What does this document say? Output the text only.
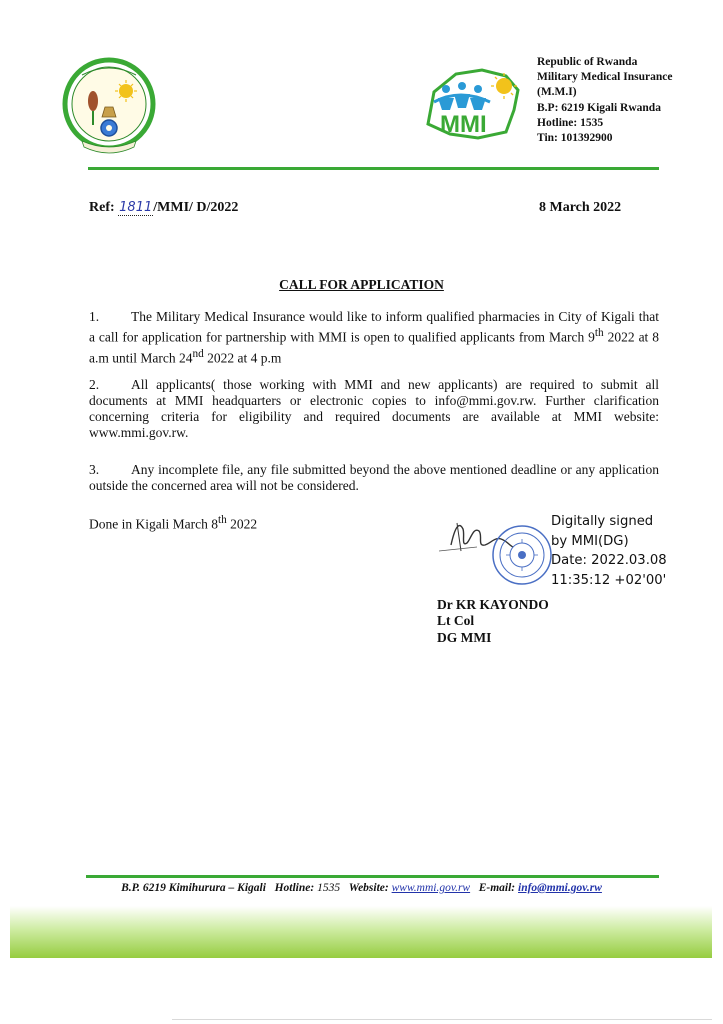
MMI
Republic of Rwanda
Military Medical Insurance
(M.M.I)
B.P: 6219 Kigali Rwanda
Hotline: 1535
Tin: 101392900
Ref: 1811/MMI/ D/2022	8 March 2022
CALL FOR APPLICATION
1. The Military Medical Insurance would like to inform qualified pharmacies in City of Kigali that a call for application for partnership with MMI is open to qualified applicants from March 9th 2022 at 8 a.m until March 24nd 2022 at 4 p.m
2. All applicants( those working with MMI and new applicants) are required to submit all documents at MMI headquarters or electronic copies to info@mmi.gov.rw. Further clarification concerning criteria for eligibility and required documents are available at MMI website: www.mmi.gov.rw.
3. Any incomplete file, any file submitted beyond the above mentioned deadline or any application outside the concerned area will not be considered.
Done in Kigali March 8th 2022	Digitally signed
by MMI(DG)
Date: 2022.03.08
11:35:12 +02'00'
Dr KR KAYONDO
Lt Col
DG MMI
B.P. 6219 Kimihurura – Kigali Hotline: 1535 Website: www.mmi.gov.rw E-mail: info@mmi.gov.rw
